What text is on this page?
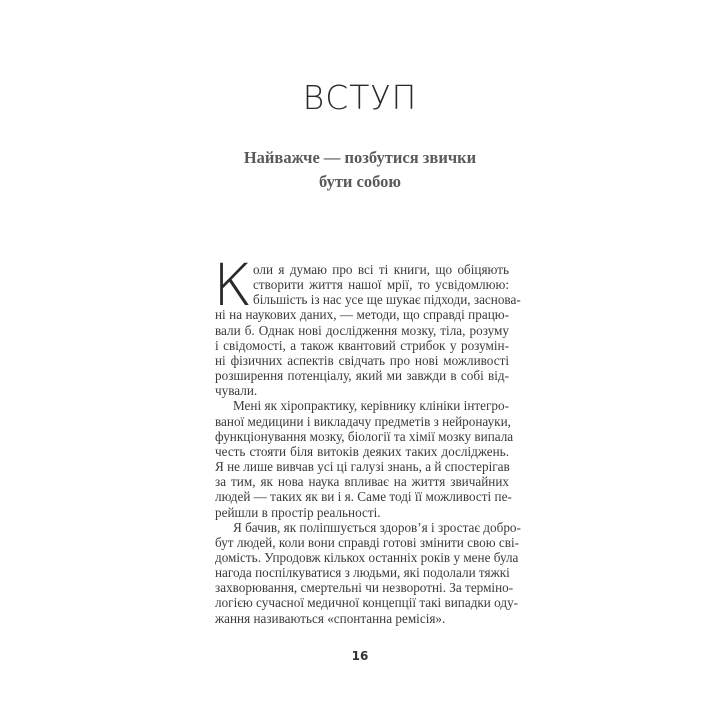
ВСТУП
Найважче — позбутися звички
бути собою
К оли я думаю про всі ті книги, що обіцяють
створити життя нашої мрії, то усвідомлюю:
більшість із нас усе ще шукає підходи, заснова-
ні на наукових даних, — методи, що справді працю-
вали б. Однак нові дослідження мозку, тіла, розуму
і свідомості, а також квантовий стрибок у розумін-
ні фізичних аспектів свідчать про нові можливості
розширення потенціалу, який ми завжди в собі від-
чували.
Мені як хіропрактику, керівнику клініки інтегро-
ваної медицини і викладачу предметів з нейронауки,
функціонування мозку, біології та хімії мозку випала
честь стояти біля витоків деяких таких досліджень.
Я не лише вивчав усі ці галузі знань, а й спостерігав
за тим, як нова наука впливає на життя звичайних
людей — таких як ви і я. Саме тоді її можливості пе-
рейшли в простір реальності.
Я бачив, як поліпшується здоров’я і зростає добро-
бут людей, коли вони справді готові змінити свою сві-
домість. Упродовж кількох останніх років у мене була
нагода поспілкуватися з людьми, які подолали тяжкі
захворювання, смертельні чи незворотні. За терміно-
логією сучасної медичної концепції такі випадки оду-
жання називаються «спонтанна ремісія».
16
